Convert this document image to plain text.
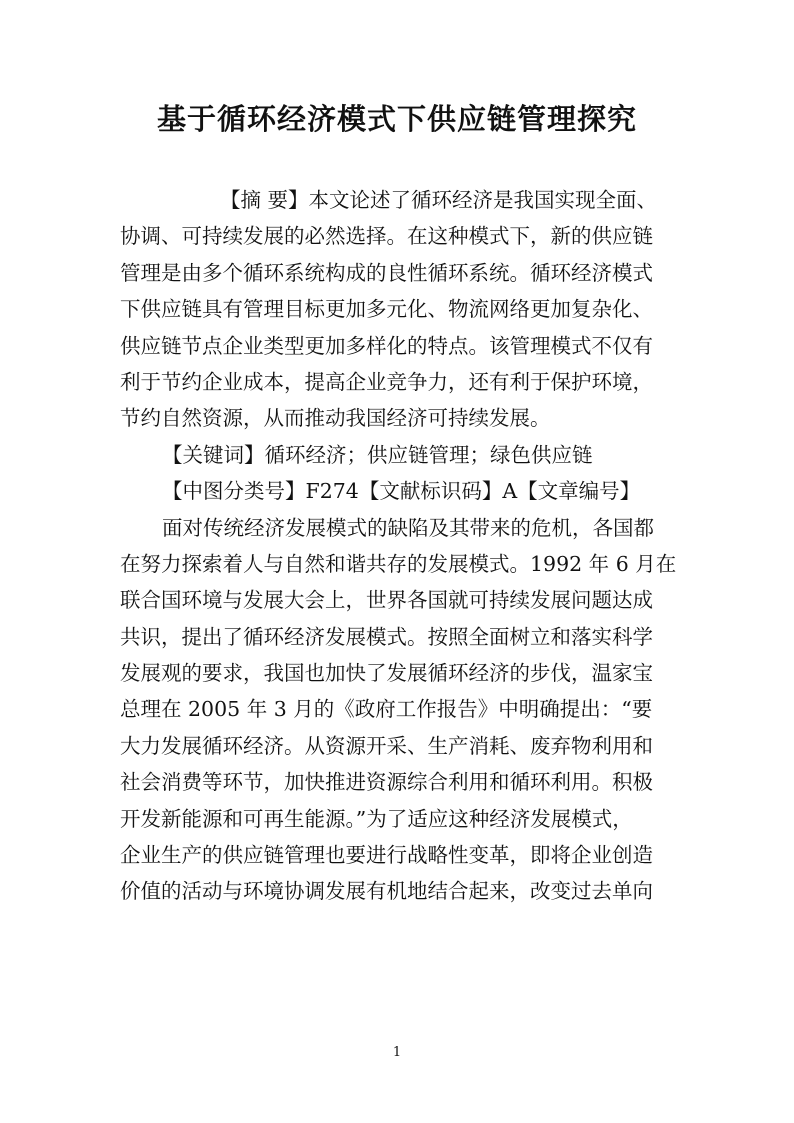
基于循环经济模式下供应链管理探究
【摘 要】本文论述了循环经济是我国实现全面、
协调、可持续发展的必然选择。在这种模式下，新的供应链
管理是由多个循环系统构成的良性循环系统。循环经济模式
下供应链具有管理目标更加多元化、物流网络更加复杂化、
供应链节点企业类型更加多样化的特点。该管理模式不仅有
利于节约企业成本，提高企业竞争力，还有利于保护环境，
节约自然资源，从而推动我国经济可持续发展。
【关键词】循环经济；供应链管理；绿色供应链
【中图分类号】F274【文献标识码】A【文章编号】
面对传统经济发展模式的缺陷及其带来的危机，各国都
在努力探索着人与自然和谐共存的发展模式。1992 年 6 月在
联合国环境与发展大会上，世界各国就可持续发展问题达成
共识，提出了循环经济发展模式。按照全面树立和落实科学
发展观的要求，我国也加快了发展循环经济的步伐，温家宝
总理在 2005 年 3 月的《政府工作报告》中明确提出：“要
大力发展循环经济。从资源开采、生产消耗、废弃物利用和
社会消费等环节，加快推进资源综合利用和循环利用。积极
开发新能源和可再生能源。”为了适应这种经济发展模式，
企业生产的供应链管理也要进行战略性变革，即将企业创造
价值的活动与环境协调发展有机地结合起来，改变过去单向
1
